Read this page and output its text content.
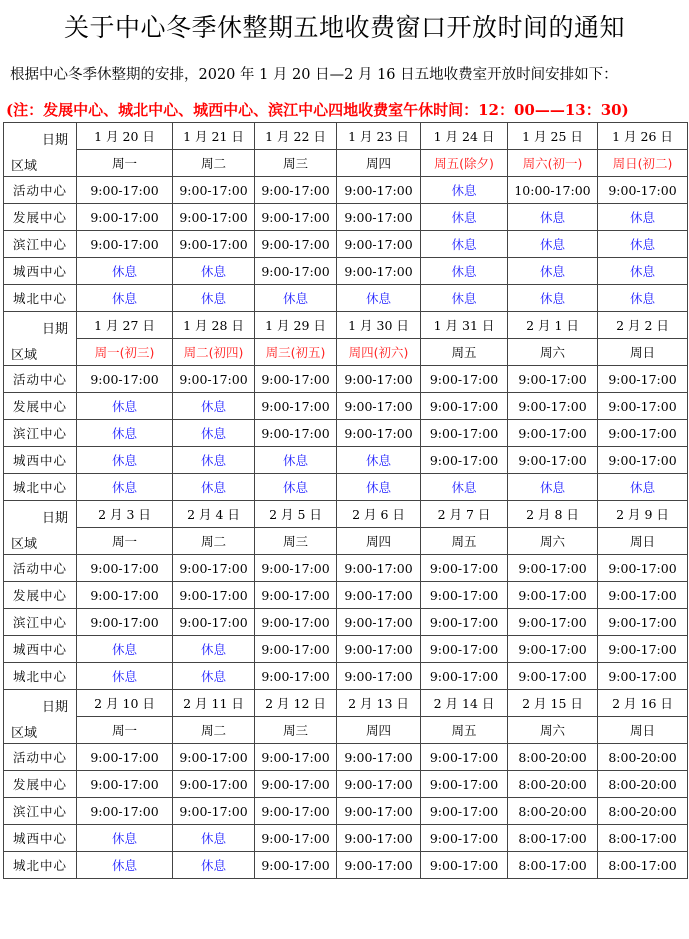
关于中心冬季休整期五地收费窗口开放时间的通知
根据中心冬季休整期的安排，2020 年 1 月 20 日—2 月 16 日五地收费室开放时间安排如下：
(注：发展中心、城北中心、城西中心、滨江中心四地收费室午休时间：12：00——13：30)
日期
区域	1 月 20 日	1 月 21 日	1 月 22 日	1 月 23 日	1 月 24 日	1 月 25 日	1 月 26 日
	周一	周二	周三	周四	周五(除夕)	周六(初一)	周日(初二)
活动中心	9:00-17:00	9:00-17:00	9:00-17:00	9:00-17:00	休息	10:00-17:00	9:00-17:00
发展中心	9:00-17:00	9:00-17:00	9:00-17:00	9:00-17:00	休息	休息	休息
滨江中心	9:00-17:00	9:00-17:00	9:00-17:00	9:00-17:00	休息	休息	休息
城西中心	休息	休息	9:00-17:00	9:00-17:00	休息	休息	休息
城北中心	休息	休息	休息	休息	休息	休息	休息

日期
区域	1 月 27 日	1 月 28 日	1 月 29 日	1 月 30 日	1 月 31 日	2 月 1 日	2 月 2 日
	周一(初三)	周二(初四)	周三(初五)	周四(初六)	周五	周六	周日
活动中心	9:00-17:00	9:00-17:00	9:00-17:00	9:00-17:00	9:00-17:00	9:00-17:00	9:00-17:00
发展中心	休息	休息	9:00-17:00	9:00-17:00	9:00-17:00	9:00-17:00	9:00-17:00
滨江中心	休息	休息	9:00-17:00	9:00-17:00	9:00-17:00	9:00-17:00	9:00-17:00
城西中心	休息	休息	休息	休息	9:00-17:00	9:00-17:00	9:00-17:00
城北中心	休息	休息	休息	休息	休息	休息	休息

日期
区域	2 月 3 日	2 月 4 日	2 月 5 日	2 月 6 日	2 月 7 日	2 月 8 日	2 月 9 日
	周一	周二	周三	周四	周五	周六	周日
活动中心	9:00-17:00	9:00-17:00	9:00-17:00	9:00-17:00	9:00-17:00	9:00-17:00	9:00-17:00
发展中心	9:00-17:00	9:00-17:00	9:00-17:00	9:00-17:00	9:00-17:00	9:00-17:00	9:00-17:00
滨江中心	9:00-17:00	9:00-17:00	9:00-17:00	9:00-17:00	9:00-17:00	9:00-17:00	9:00-17:00
城西中心	休息	休息	9:00-17:00	9:00-17:00	9:00-17:00	9:00-17:00	9:00-17:00
城北中心	休息	休息	9:00-17:00	9:00-17:00	9:00-17:00	9:00-17:00	9:00-17:00

日期
区域	2 月 10 日	2 月 11 日	2 月 12 日	2 月 13 日	2 月 14 日	2 月 15 日	2 月 16 日
	周一	周二	周三	周四	周五	周六	周日
活动中心	9:00-17:00	9:00-17:00	9:00-17:00	9:00-17:00	9:00-17:00	8:00-20:00	8:00-20:00
发展中心	9:00-17:00	9:00-17:00	9:00-17:00	9:00-17:00	9:00-17:00	8:00-20:00	8:00-20:00
滨江中心	9:00-17:00	9:00-17:00	9:00-17:00	9:00-17:00	9:00-17:00	8:00-20:00	8:00-20:00
城西中心	休息	休息	9:00-17:00	9:00-17:00	9:00-17:00	8:00-17:00	8:00-17:00
城北中心	休息	休息	9:00-17:00	9:00-17:00	9:00-17:00	8:00-17:00	8:00-17:00
